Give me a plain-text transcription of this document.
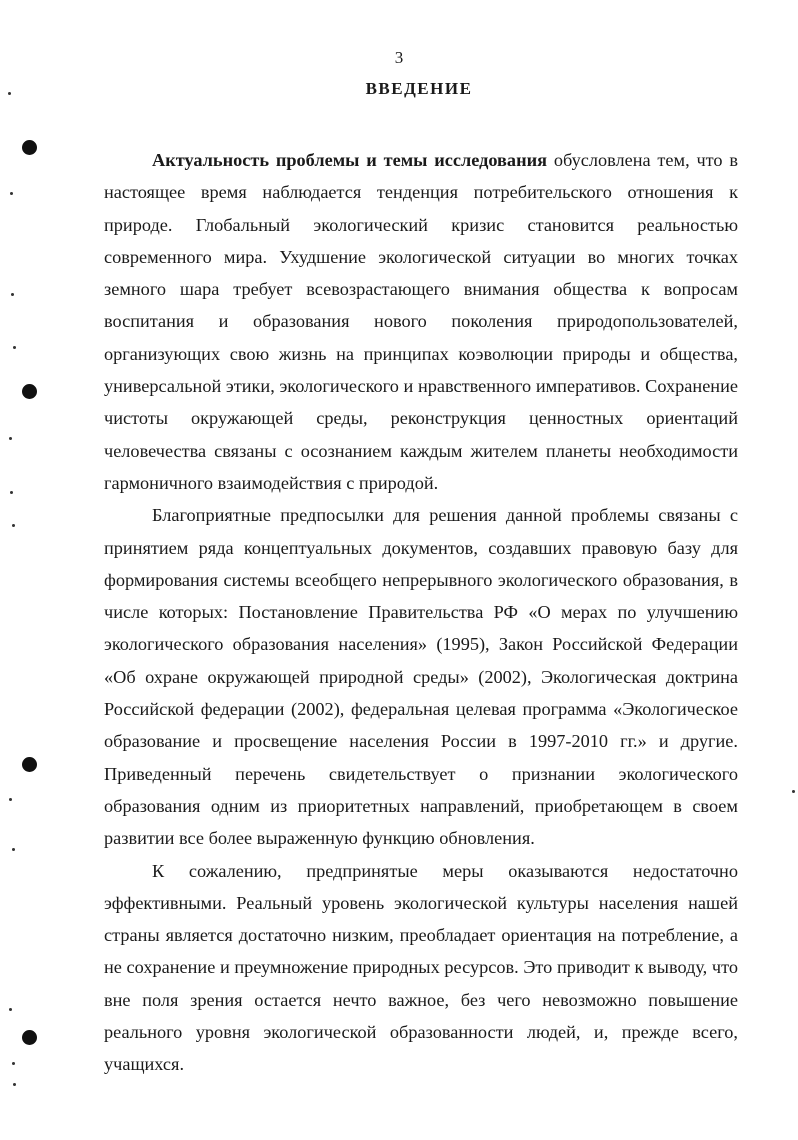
3
ВВЕДЕНИЕ

Актуальность проблемы и темы исследования обусловлена тем, что в настоящее время наблюдается тенденция потребительского отношения к природе. Глобальный экологический кризис становится реальностью современного мира. Ухудшение экологической ситуации во многих точках земного шара требует всевозрастающего внимания общества к вопросам воспитания и образования нового поколения природопользователей, организующих свою жизнь на принципах коэволюции природы и общества, универсальной этики, экологического и нравственного императивов. Сохранение чистоты окружающей среды, реконструкция ценностных ориентаций человечества связаны с осознанием каждым жителем планеты необходимости гармоничного взаимодействия с природой.

Благоприятные предпосылки для решения данной проблемы связаны с принятием ряда концептуальных документов, создавших правовую базу для формирования системы всеобщего непрерывного экологического образования, в числе которых: Постановление Правительства РФ «О мерах по улучшению экологического образования населения» (1995), Закон Российской Федерации «Об охране окружающей природной среды» (2002), Экологическая доктрина Российской федерации (2002), федеральная целевая программа «Экологическое образование и просвещение населения России в 1997-2010 гг.» и другие. Приведенный перечень свидетельствует о признании экологического образования одним из приоритетных направлений, приобретающем в своем развитии все более выраженную функцию обновления.

К сожалению, предпринятые меры оказываются недостаточно эффективными. Реальный уровень экологической культуры населения нашей страны является достаточно низким, преобладает ориентация на потребление, а не сохранение и преумножение природных ресурсов. Это приводит к выводу, что вне поля зрения остается нечто важное, без чего невозможно повышение реального уровня экологической образованности людей, и, прежде всего, учащихся.
